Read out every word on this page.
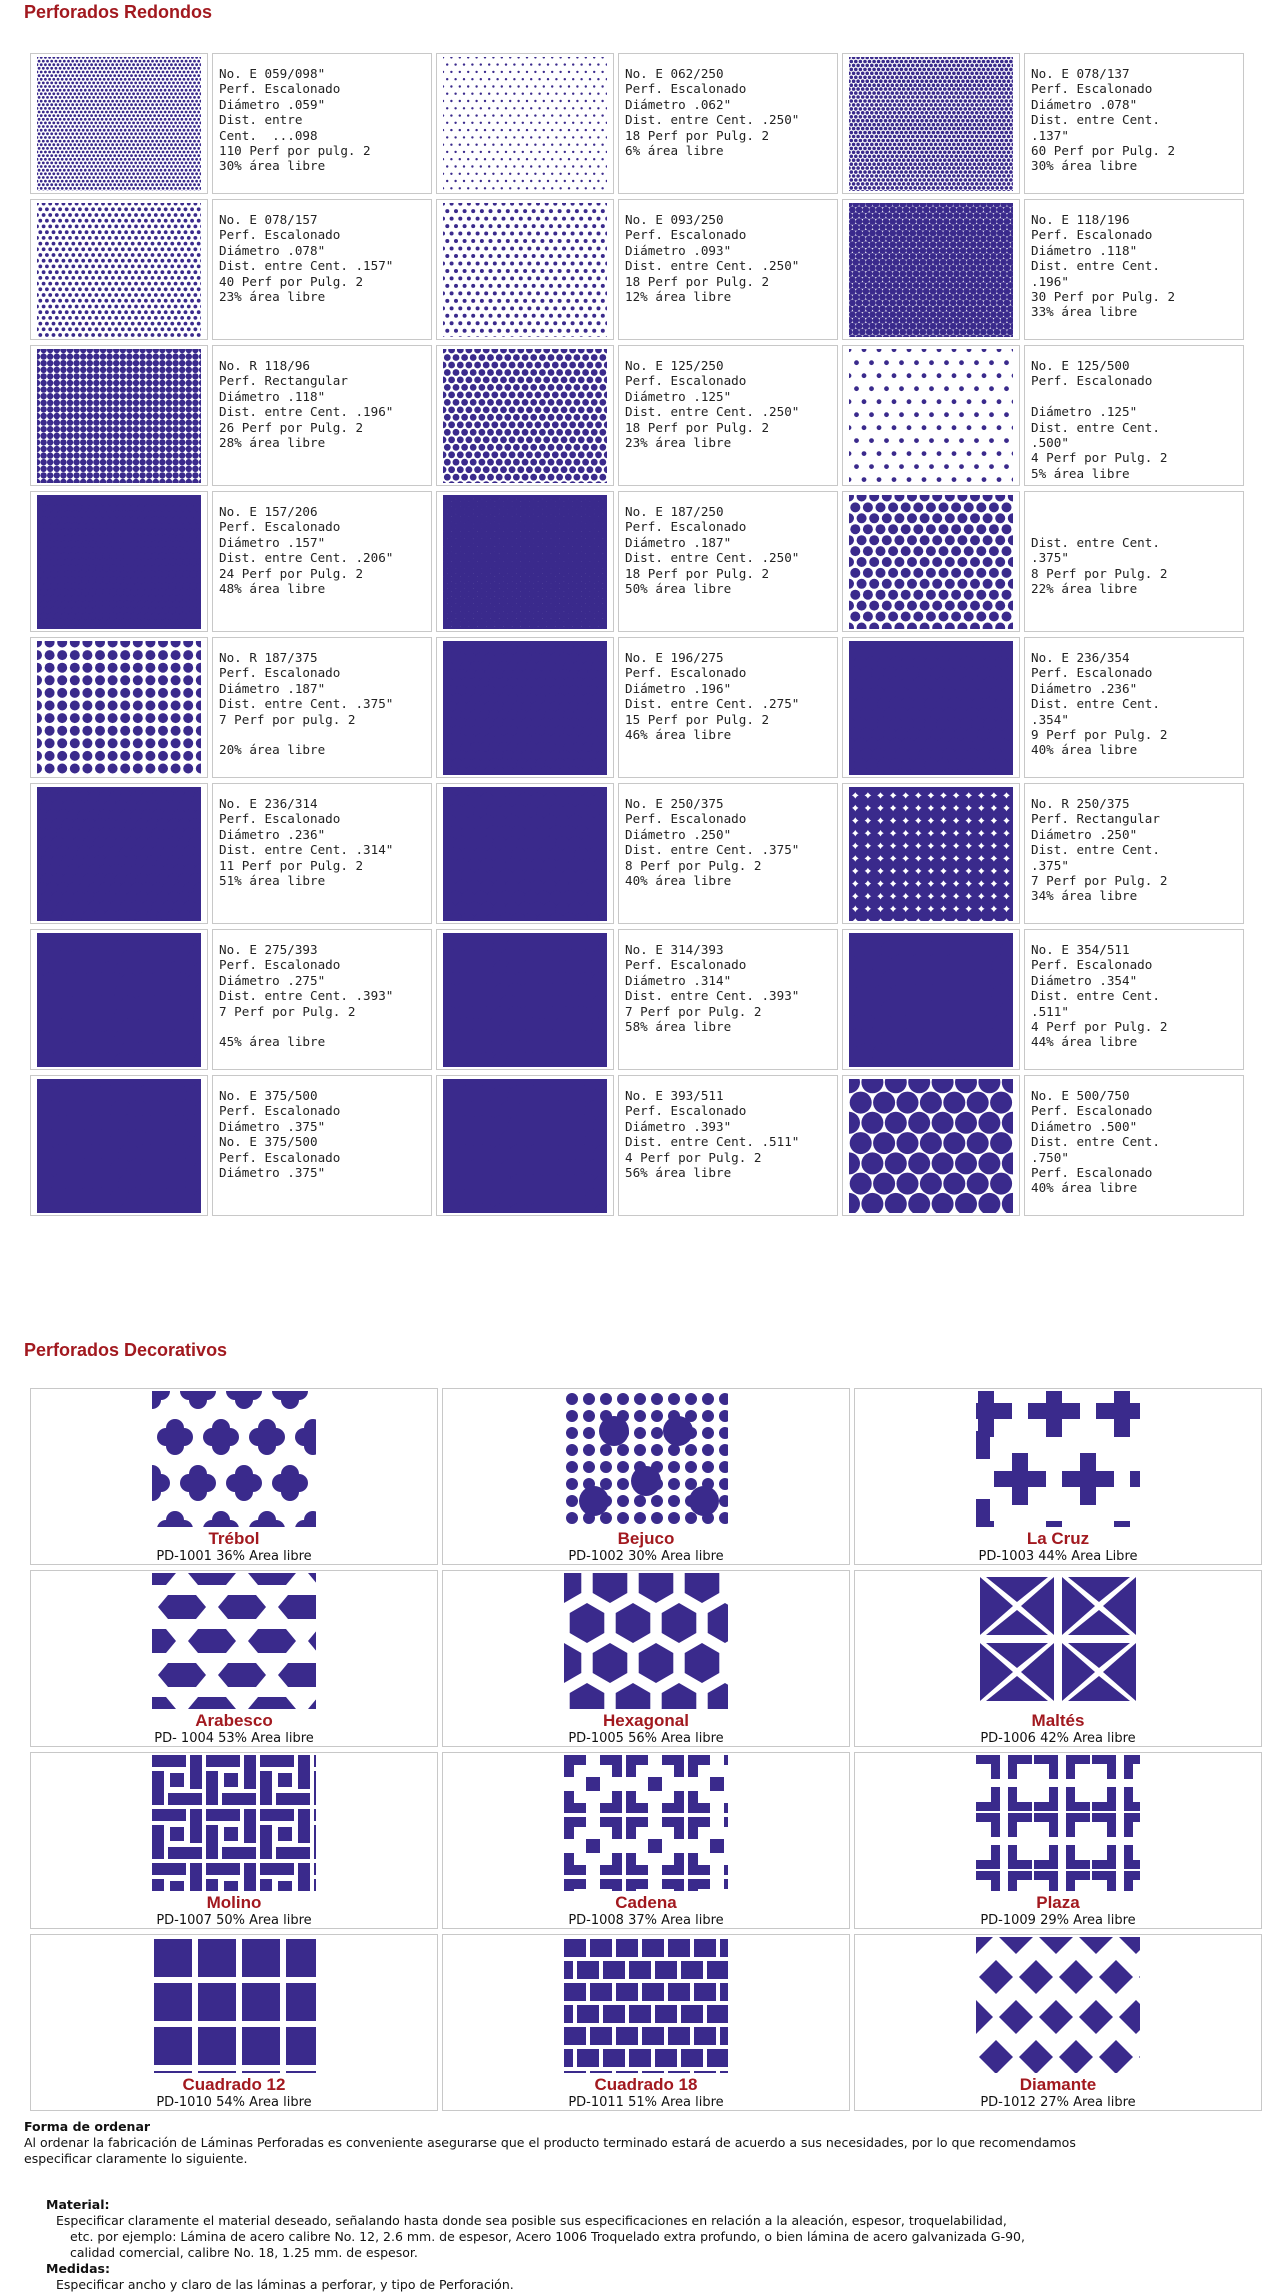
Perforados Redondos
No. E 059/098"
Perf. Escalonado
Diámetro .059"
Dist. entre
Cent.  ...098
110 Perf por pulg. 2
30% área libre
No. E 062/250
Perf. Escalonado
Diámetro .062"
Dist. entre Cent. .250"
18 Perf por Pulg. 2
6% área libre
No. E 078/137
Perf. Escalonado
Diámetro .078"
Dist. entre Cent.
.137"
60 Perf por Pulg. 2
30% área libre
No. E 078/157
Perf. Escalonado
Diámetro .078"
Dist. entre Cent. .157"
40 Perf por Pulg. 2
23% área libre
No. E 093/250
Perf. Escalonado
Diámetro .093"
Dist. entre Cent. .250"
18 Perf por Pulg. 2
12% área libre
No. E 118/196
Perf. Escalonado
Diámetro .118"
Dist. entre Cent.
.196"
30 Perf por Pulg. 2
33% área libre
No. R 118/96
Perf. Rectangular
Diámetro .118"
Dist. entre Cent. .196"
26 Perf por Pulg. 2
28% área libre
No. E 125/250
Perf. Escalonado
Diámetro .125"
Dist. entre Cent. .250"
18 Perf por Pulg. 2
23% área libre
No. E 125/500
Perf. Escalonado

Diámetro .125"
Dist. entre Cent.
.500"
4 Perf por Pulg. 2
5% área libre
No. E 157/206
Perf. Escalonado
Diámetro .157"
Dist. entre Cent. .206"
24 Perf por Pulg. 2
48% área libre
No. E 187/250
Perf. Escalonado
Diámetro .187"
Dist. entre Cent. .250"
18 Perf por Pulg. 2
50% área libre

Dist. entre Cent.
.375"
8 Perf por Pulg. 2
22% área libre
No. R 187/375
Perf. Escalonado
Diámetro .187"
Dist. entre Cent. .375"
7 Perf por pulg. 2

20% área libre
No. E 196/275
Perf. Escalonado
Diámetro .196"
Dist. entre Cent. .275"
15 Perf por Pulg. 2
46% área libre
No. E 236/354
Perf. Escalonado
Diámetro .236"
Dist. entre Cent.
.354"
9 Perf por Pulg. 2
40% área libre
No. E 236/314
Perf. Escalonado
Diámetro .236"
Dist. entre Cent. .314"
11 Perf por Pulg. 2
51% área libre
No. E 250/375
Perf. Escalonado
Diámetro .250"
Dist. entre Cent. .375"
8 Perf por Pulg. 2
40% área libre
No. R 250/375
Perf. Rectangular
Diámetro .250"
Dist. entre Cent.
.375"
7 Perf por Pulg. 2
34% área libre
No. E 275/393
Perf. Escalonado
Diámetro .275"
Dist. entre Cent. .393"
7 Perf por Pulg. 2

45% área libre
No. E 314/393
Perf. Escalonado
Diámetro .314"
Dist. entre Cent. .393"
7 Perf por Pulg. 2
58% área libre
No. E 354/511
Perf. Escalonado
Diámetro .354"
Dist. entre Cent.
.511"
4 Perf por Pulg. 2
44% área libre
No. E 375/500
Perf. Escalonado
Diámetro .375"
No. E 375/500
Perf. Escalonado
Diámetro .375"
No. E 393/511
Perf. Escalonado
Diámetro .393"
Dist. entre Cent. .511"
4 Perf por Pulg. 2
56% área libre
No. E 500/750
Perf. Escalonado
Diámetro .500"
Dist. entre Cent.
.750"
Perf. Escalonado
40% área libre
Perforados Decorativos
Trébol
PD-1001 36% Area libre
Bejuco
PD-1002 30% Area libre
La Cruz
PD-1003 44% Area Libre
Arabesco
PD- 1004 53% Area libre
Hexagonal
PD-1005 56% Area libre
Maltés
PD-1006 42% Area libre
Molino
PD-1007 50% Area libre
Cadena
PD-1008 37% Area libre
Plaza
PD-1009 29% Area libre
Cuadrado 12
PD-1010 54% Area libre
Cuadrado 18
PD-1011 51% Area libre
Diamante
PD-1012 27% Area libre
Forma de ordenar
Al ordenar la fabricación de Láminas Perforadas es conveniente asegurarse que el producto terminado estará de acuerdo a sus necesidades, por lo que recomendamos
especificar claramente lo siguiente.
Material:
Especificar claramente el material deseado, señalando hasta donde sea posible sus especificaciones en relación a la aleación, espesor, troquelabilidad,
etc. por ejemplo: Lámina de acero calibre No. 12, 2.6 mm. de espesor, Acero 1006 Troquelado extra profundo, o bien lámina de acero galvanizada G-90,
calidad comercial, calibre No. 18, 1.25 mm. de espesor.
Medidas:
Especificar ancho y claro de las láminas a perforar, y tipo de Perforación.
